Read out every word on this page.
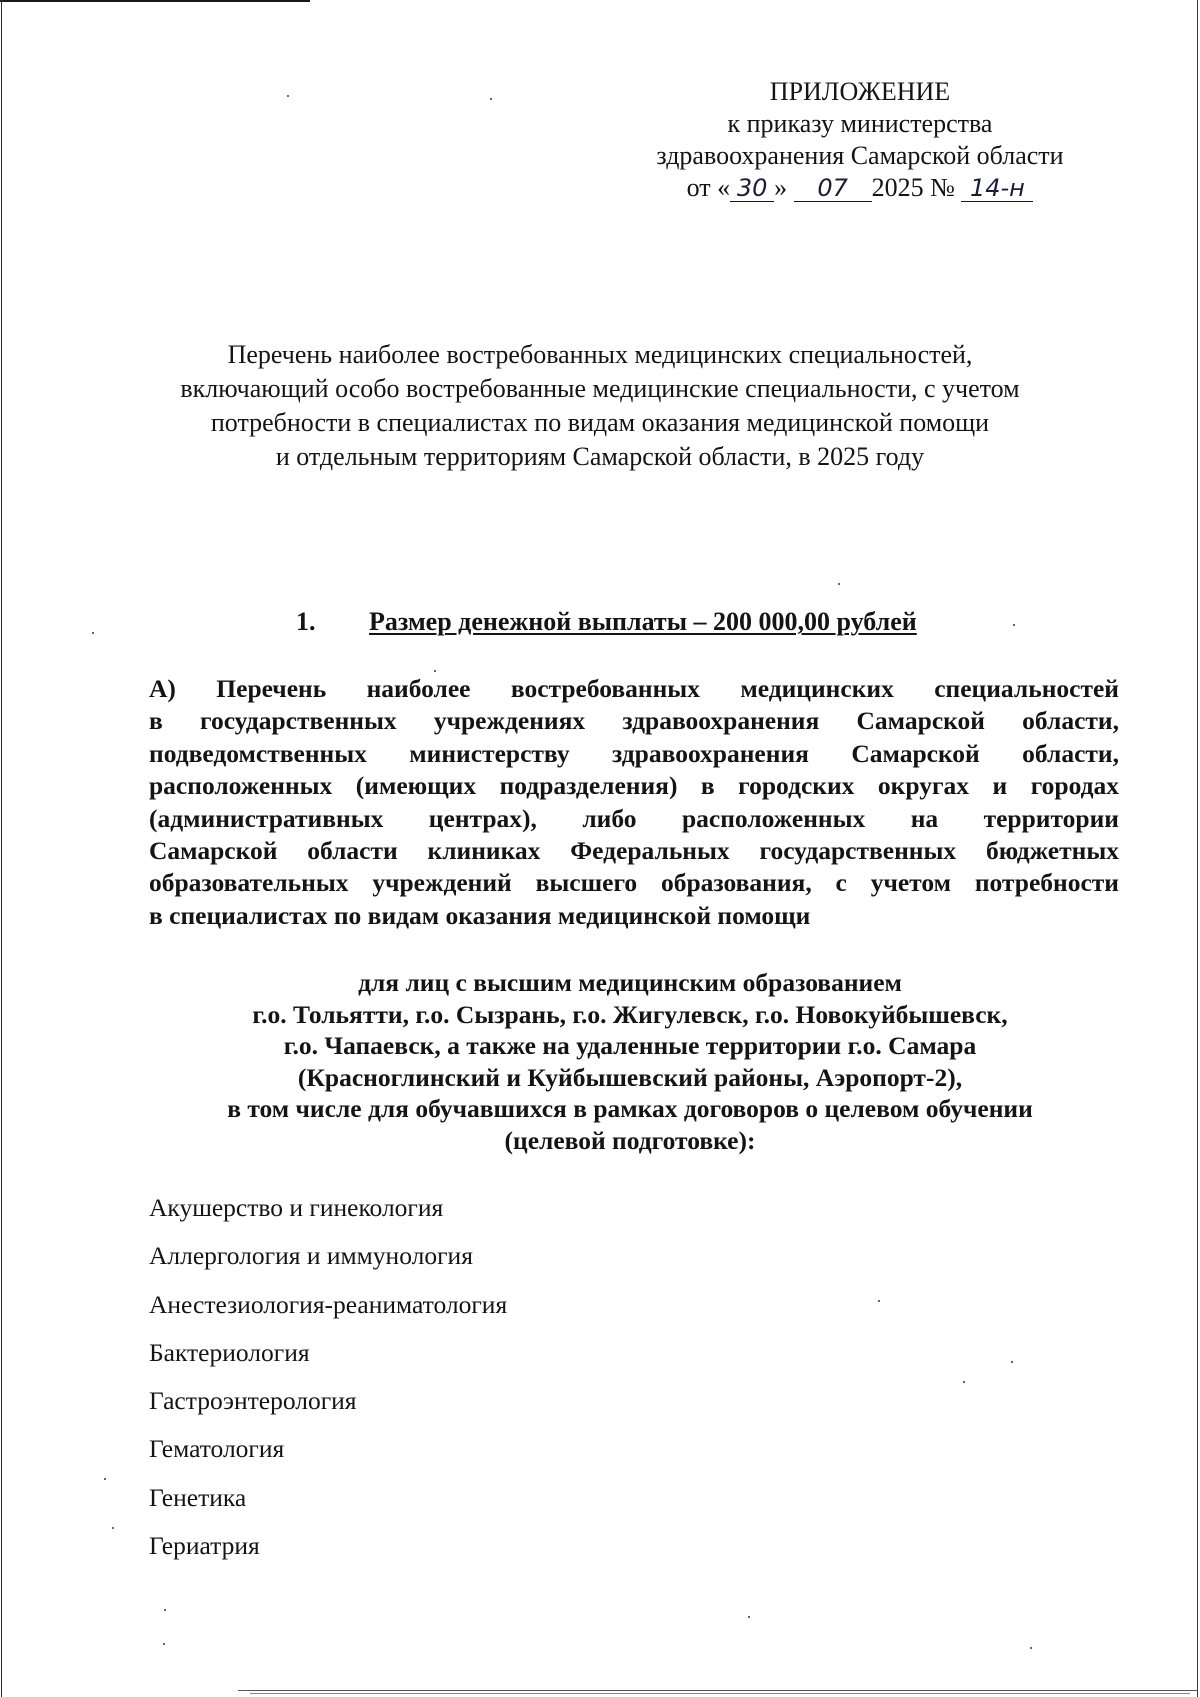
ПРИЛОЖЕНИЕ
к приказу министерства
здравоохранения Самарской области
от « 30 » 07 2025 № 14-н
Перечень наиболее востребованных медицинских специальностей,
включающий особо востребованные медицинские специальности, с учетом
потребности в специалистах по видам оказания медицинской помощи
и отдельным территориям Самарской области, в 2025 году
1. Размер денежной выплаты – 200 000,00 рублей
А) Перечень наиболее востребованных медицинских специальностей
в государственных учреждениях здравоохранения Самарской области,
подведомственных министерству здравоохранения Самарской области,
расположенных (имеющих подразделения) в городских округах и городах
(административных центрах), либо расположенных на территории
Самарской области клиниках Федеральных государственных бюджетных
образовательных учреждений высшего образования, с учетом потребности
в специалистах по видам оказания медицинской помощи
для лиц с высшим медицинским образованием
г.о. Тольятти, г.о. Сызрань, г.о. Жигулевск, г.о. Новокуйбышевск,
г.о. Чапаевск, а также на удаленные территории г.о. Самара
(Красноглинский и Куйбышевский районы, Аэропорт-2),
в том числе для обучавшихся в рамках договоров о целевом обучении
(целевой подготовке):
Акушерство и гинекология
Аллергология и иммунология
Анестезиология-реаниматология
Бактериология
Гастроэнтерология
Гематология
Генетика
Гериатрия
